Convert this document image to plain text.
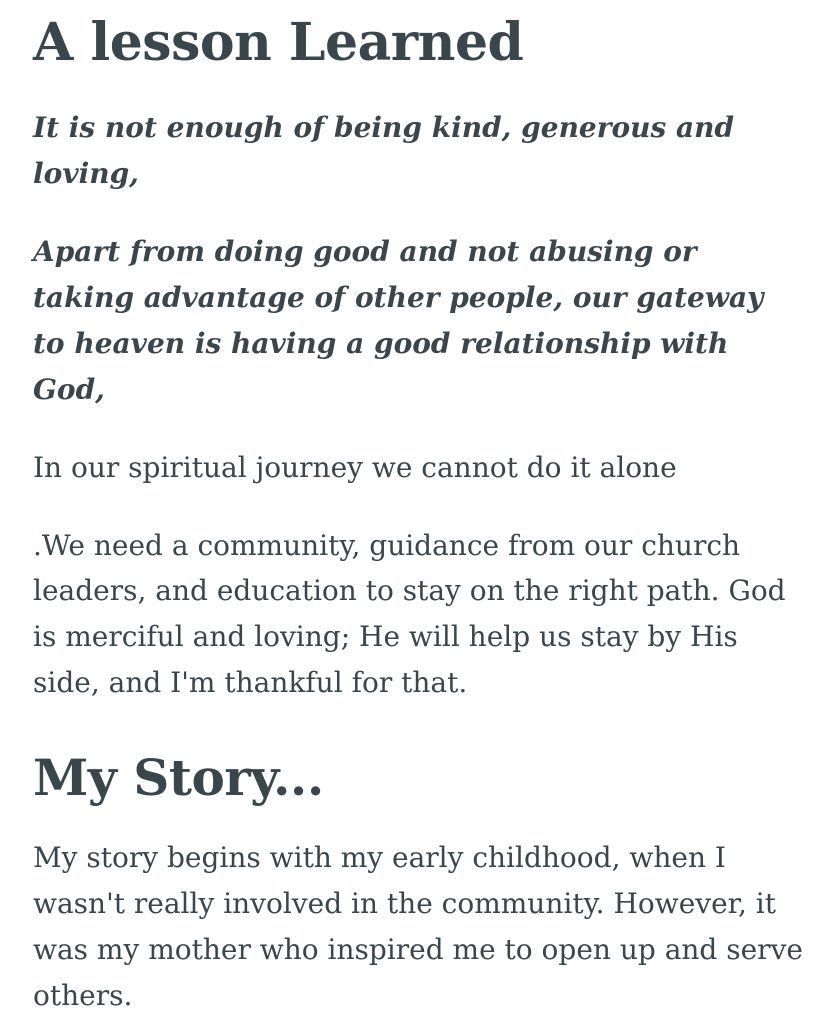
A lesson Learned

It is not enough of being kind, generous and loving,

Apart from doing good and not abusing or taking advantage of other people, our gateway to heaven is having a good relationship with God,

In our spiritual journey we cannot do it alone

.We need a community, guidance from our church leaders, and education to stay on the right path. God is merciful and loving; He will help us stay by His side, and I'm thankful for that.

My Story...

My story begins with my early childhood, when I wasn't really involved in the community. However, it was my mother who inspired me to open up and serve others.
